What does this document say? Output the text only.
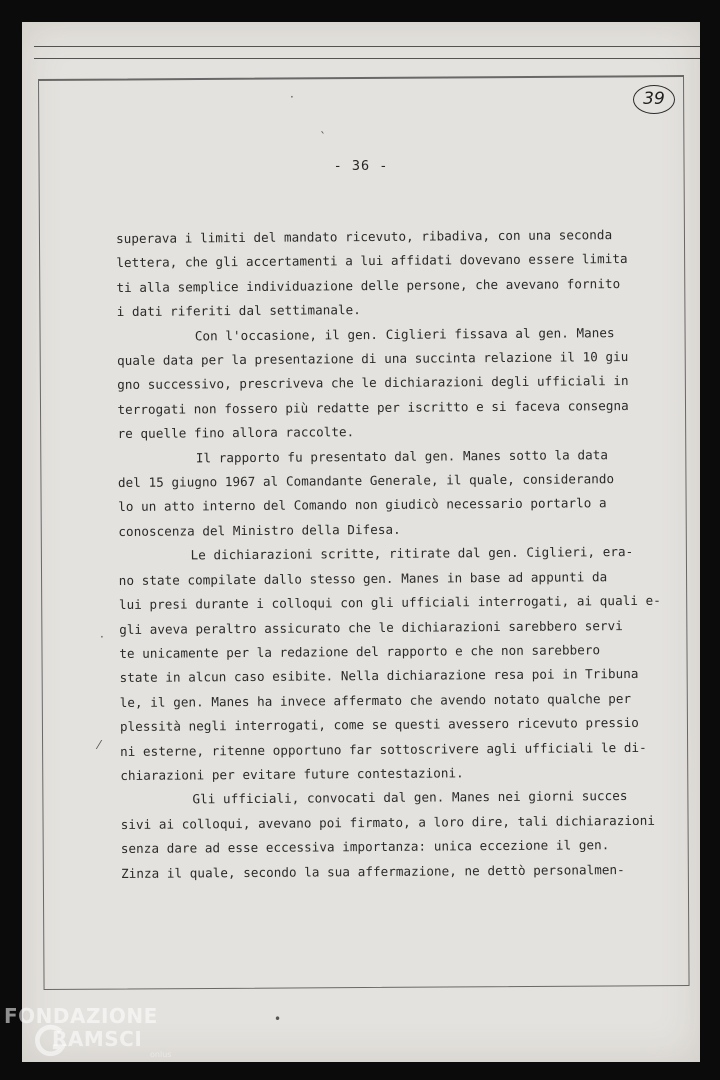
39
- 36 -
·
ˋ
·
⁄
•
superava i limiti del mandato ricevuto, ribadiva, con una seconda
lettera, che gli accertamenti a lui affidati dovevano essere limita
ti alla semplice individuazione delle persone, che avevano fornito
i dati riferiti dal settimanale.
Con l'occasione, il gen. Ciglieri fissava al gen. Manes
quale data per la presentazione di una succinta relazione il 10 giu
gno successivo, prescriveva che le dichiarazioni degli ufficiali in
terrogati non fossero più redatte per iscritto e si faceva consegna
re quelle fino allora raccolte.
Il rapporto fu presentato dal gen. Manes sotto la data
del 15 giugno 1967 al Comandante Generale, il quale, considerando
lo un atto interno del Comando non giudicò necessario portarlo a
conoscenza del Ministro della Difesa.
Le dichiarazioni scritte, ritirate dal gen. Ciglieri, era-
no state compilate dallo stesso gen. Manes in base ad appunti da
lui presi durante i colloqui con gli ufficiali interrogati, ai quali e-
gli aveva peraltro assicurato che le dichiarazioni sarebbero servi
te unicamente per la redazione del rapporto e che non sarebbero
state in alcun caso esibite. Nella dichiarazione resa poi in Tribuna
le, il gen. Manes ha invece affermato che avendo notato qualche per
plessità negli interrogati, come se questi avessero ricevuto pressio
ni esterne, ritenne opportuno far sottoscrivere agli ufficiali le di-
chiarazioni per evitare future contestazioni.
Gli ufficiali, convocati dal gen. Manes nei giorni succes
sivi ai colloqui, avevano poi firmato, a loro dire, tali dichiarazioni
senza dare ad esse eccessiva importanza: unica eccezione il gen.
Zinza il quale, secondo la sua affermazione, ne dettò personalmen-
FONDAZIONE
RAMSCI
onlus
